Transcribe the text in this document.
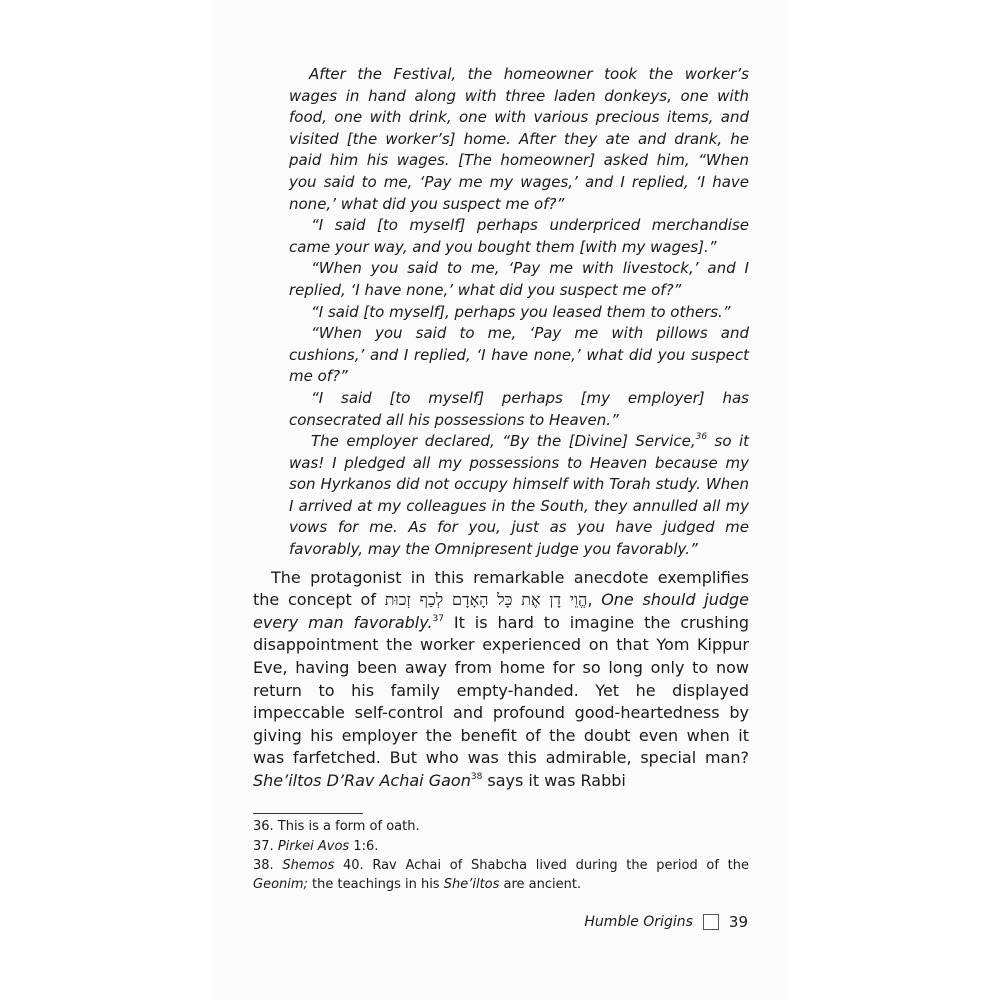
After the Festival, the homeowner took the worker’s wages in hand along with three laden donkeys, one with food, one with drink, one with various precious items, and visited [the worker’s] home. After they ate and drank, he paid him his wages. [The homeowner] asked him, “When you said to me, ‘Pay me my wages,’ and I replied, ‘I have none,’ what did you suspect me of?”

“I said [to myself] perhaps underpriced merchandise came your way, and you bought them [with my wages].”

“When you said to me, ‘Pay me with livestock,’ and I replied, ‘I have none,’ what did you suspect me of?”

“I said [to myself], perhaps you leased them to others.”

“When you said to me, ‘Pay me with pillows and cushions,’ and I replied, ‘I have none,’ what did you suspect me of?”

“I said [to myself] perhaps [my employer] has consecrated all his possessions to Heaven.”

The employer declared, “By the [Divine] Service,$^{36}$ so it was! I pledged all my possessions to Heaven because my son Hyrkanos did not occupy himself with Torah study. When I arrived at my colleagues in the South, they annulled all my vows for me. As for you, just as you have judged me favorably, may the Omnipresent judge you favorably.”

The protagonist in this remarkable anecdote exemplifies the concept of הֱוֵי דָן אֶת כָּל הָאָדָם לְכַף זְכוּת, One should judge every man favorably.$^{37}$ It is hard to imagine the crushing disappointment the worker experienced on that Yom Kippur Eve, having been away from home for so long only to now return to his family empty-handed. Yet he displayed impeccable self-control and profound good-heartedness by giving his employer the benefit of the doubt even when it was farfetched. But who was this admirable, special man? She’iltos D’Rav Achai Gaon$^{38}$ says it was Rabbi

36. This is a form of oath.

37. Pirkei Avos 1:6.

38. Shemos 40. Rav Achai of Shabcha lived during the period of the Geonim; the teachings in his She’iltos are ancient.

Humble Origins 39
